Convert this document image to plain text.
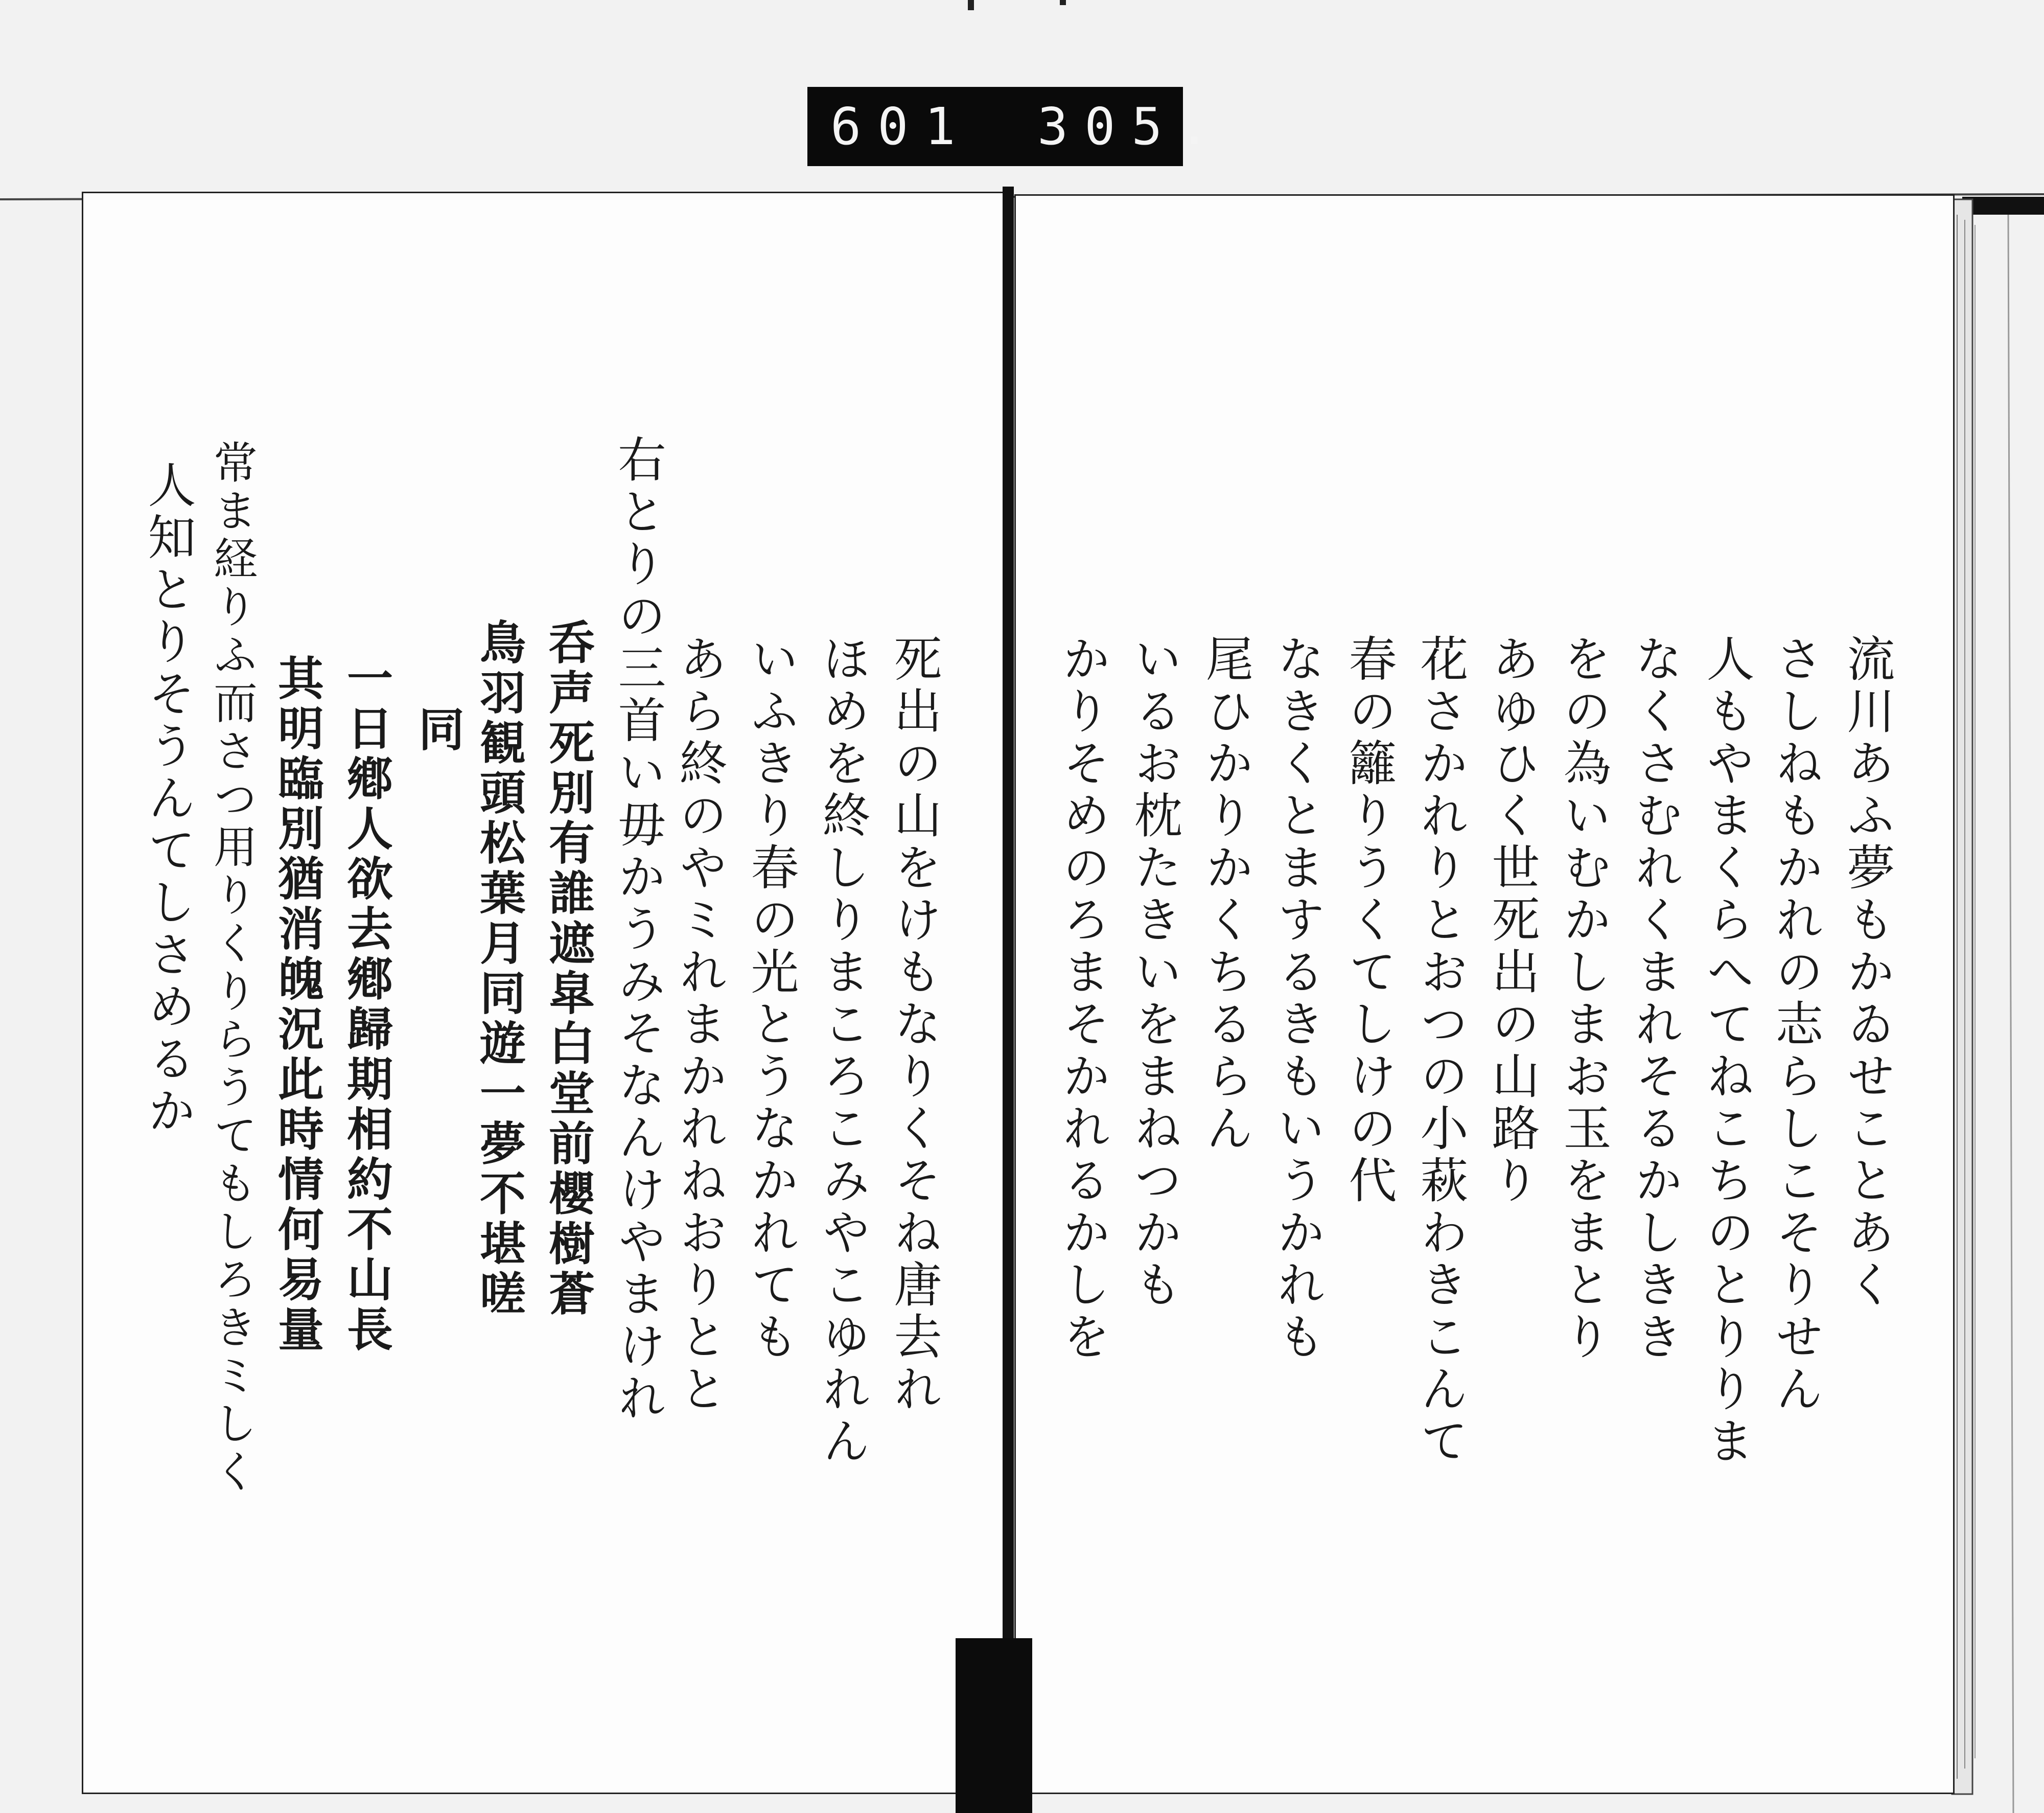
601 305.
流川あふ夢もかゐせことあく
さしねもかれの志らしこそりせん
人もやまくらへてねこちのとりりま
なくさむれくまれそるかしきき
をの為いむかしまお玉をまとり
あゆひく世死出の山路り
花さかれりとおつの小萩わきこんて
春の籬りうくてしけの代
なきくとまするきもいうかれも
尾ひかりかくちるらん
いるお枕たきいをまねつかも
かりそめのろまそかれるかしを
死出の山をけもなりくそね唐去れ
ほめを終しりまころこみやこゆれん
いふきり春の光とうなかれても
あら終のやミれまかれねおりとと
右とりの三首い毋かうみそなんけやまけれ
呑声死別有誰遮皐白堂前櫻樹蒼
鳥羽観頭松葉月同遊一夢不堪嗟
同
一日鄕人欲去鄕歸期相約不山長
其明臨別猶消魄況此時情何易量
常ま経りふ而さつ用りくりらうてもしろきミしく
人知とりそうんてしさめるか
